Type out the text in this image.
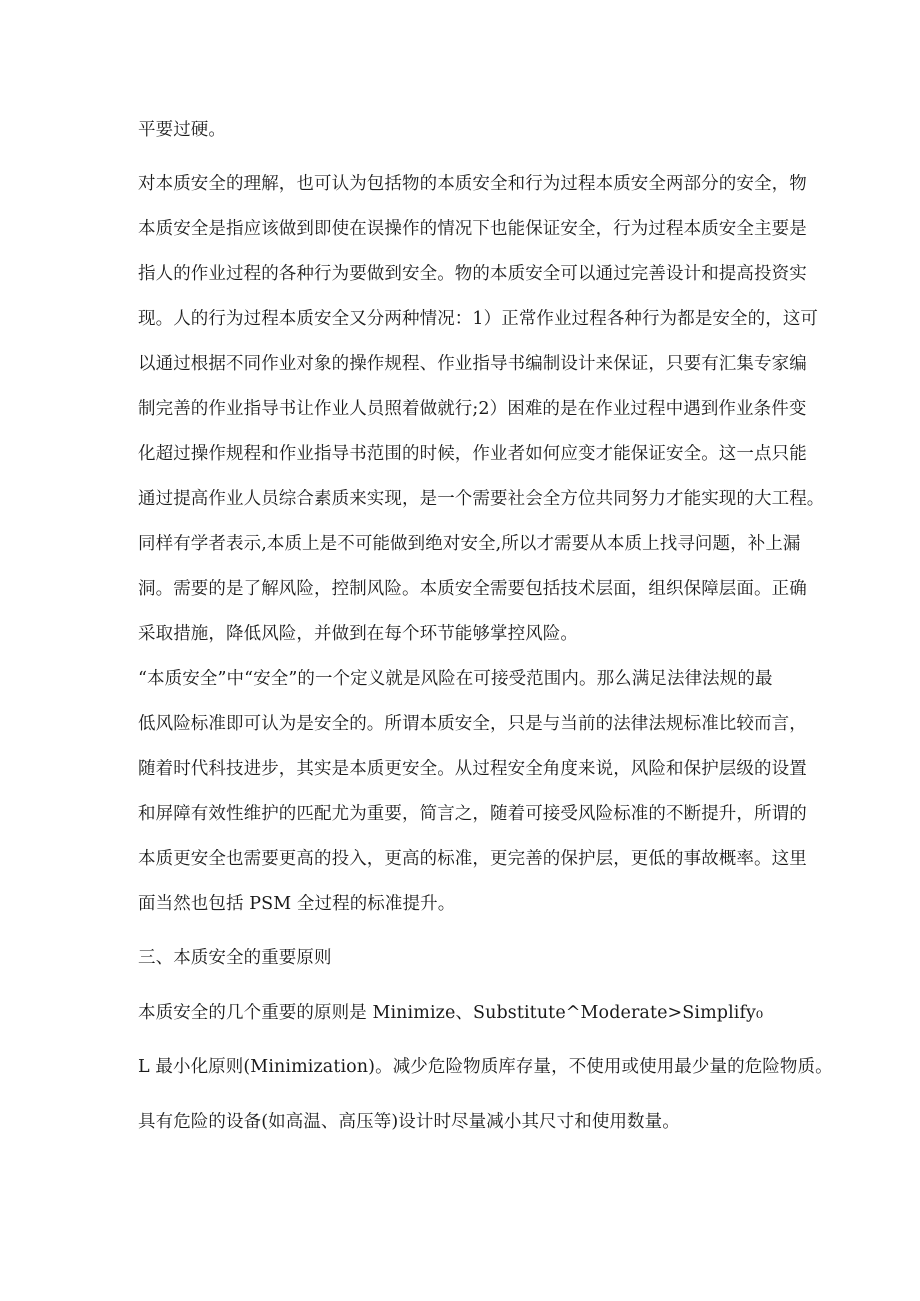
平要过硬。
对本质安全的理解，也可认为包括物的本质安全和行为过程本质安全两部分的安全，物
本质安全是指应该做到即使在误操作的情况下也能保证安全，行为过程本质安全主要是
指人的作业过程的各种行为要做到安全。物的本质安全可以通过完善设计和提高投资实
现。人的行为过程本质安全又分两种情况：1）正常作业过程各种行为都是安全的，这可
以通过根据不同作业对象的操作规程、作业指导书编制设计来保证，只要有汇集专家编
制完善的作业指导书让作业人员照着做就行;2）困难的是在作业过程中遇到作业条件变
化超过操作规程和作业指导书范围的时候，作业者如何应变才能保证安全。这一点只能
通过提高作业人员综合素质来实现，是一个需要社会全方位共同努力才能实现的大工程。
同样有学者表示,本质上是不可能做到绝对安全,所以才需要从本质上找寻问题，补上漏
洞。需要的是了解风险，控制风险。本质安全需要包括技术层面，组织保障层面。正确
采取措施，降低风险，并做到在每个环节能够掌控风险。
“本质安全”中“安全”的一个定义就是风险在可接受范围内。那么满足法律法规的最
低风险标准即可认为是安全的。所谓本质安全，只是与当前的法律法规标准比较而言，
随着时代科技进步，其实是本质更安全。从过程安全角度来说，风险和保护层级的设置
和屏障有效性维护的匹配尤为重要，简言之，随着可接受风险标准的不断提升，所谓的
本质更安全也需要更高的投入，更高的标准，更完善的保护层，更低的事故概率。这里
面当然也包括 PSM 全过程的标准提升。
三、本质安全的重要原则
本质安全的几个重要的原则是 Minimize、Substitute^Moderate>Simplify₀
L 最小化原则(Minimization)。减少危险物质库存量，不使用或使用最少量的危险物质。
具有危险的设备(如高温、高压等)设计时尽量减小其尺寸和使用数量。
